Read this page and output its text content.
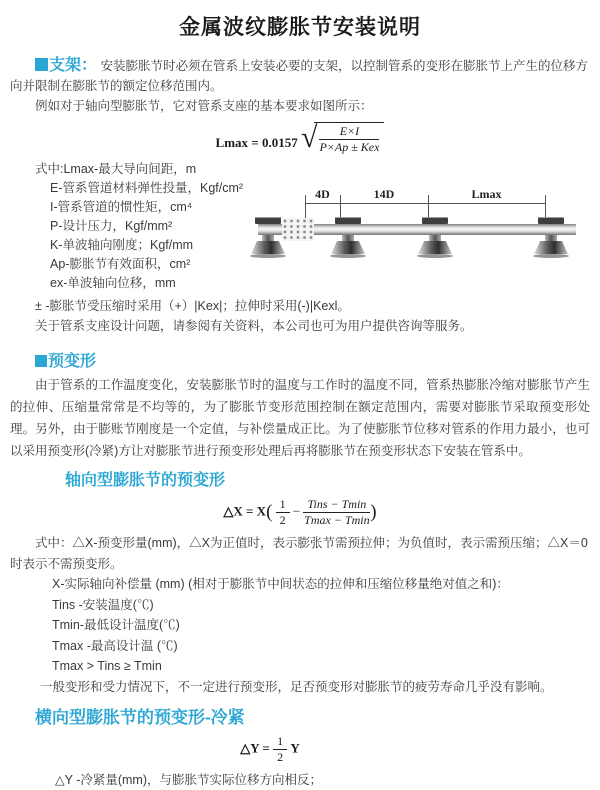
金属波纹膨胀节安装说明

支架： 安装膨胀节时必须在管系上安装必要的支架，以控制管系的变形在膨胀节上产生的位移方向并限制在膨胀节的额定位移范围内。

例如对于轴向型膨胀节，它对管系支座的基本要求如图所示：

Lmax = 0.0157 √ $\frac{E\times I}{\text{P×Ap ± Kex}}$
式中:Lmax-最大导向间距，m
E-管系管道材料弹性投量，Kgf/cm²
I-管系管道的惯性矩，cm⁴
P-设计压力，Kgf/mm²
K-单波轴向刚度；Kgf/mm
Ap-膨胀节有效面积，cm²
ex-单波轴向位移，mm
4D	14D	Lmax

± -膨胀节受压缩时采用（+）|Kex|；拉伸时采用(-)|Kexl。

关于管系支座设计问题，请参阅有关资料，本公司也可为用户提供咨询等服务。

预变形

由于管系的工作温度变化，安装膨胀节时的温度与工作时的温度不同，管系热膨胀冷缩对膨胀节产生的拉伸、压缩量常常是不均等的，为了膨胀节变形范围控制在额定范围内，需要对膨胀节采取预变形处理。另外，由于膨账节刚度是一个定值，与补偿量成正比。为了使膨胀节位移对管系的作用力最小，也可以采用预变形(冷紧)方让对膨胀节进行预变形处理后再将膨胀节在预变形状态下安装在管系中。

轴向型膨胀节的预变形
△X = $X( \frac{1}{2} - \frac{\text{Tins − Tmin}}{Tmax - Tmin}$ )
式中：△X-预变形量(mm)，△X为正值时，表示膨张节需预拉伸；为负值时，表示需预压缩；△X＝0时表示不需预变形。
X-实际轴向补偿量 (mm) (相对于膨胀节中间状态的拉伸和压缩位移量绝对值之和)：
Tins -安装温度(℃)
Tmin-最低设计温度(℃)
Tmax -最高设计温 (℃)
Tmax > Tins ≥ Tmin
一般变形和受力情况下，不一定进行预变形，足否预变形对膨胀节的疲劳寿命几乎没有影响。
横向型膨胀节的预变形-冷紧
△Y = $\frac{1}{2}$ Y
△Y -冷紧量(mm)，与膨胀节实际位移方向相反；
